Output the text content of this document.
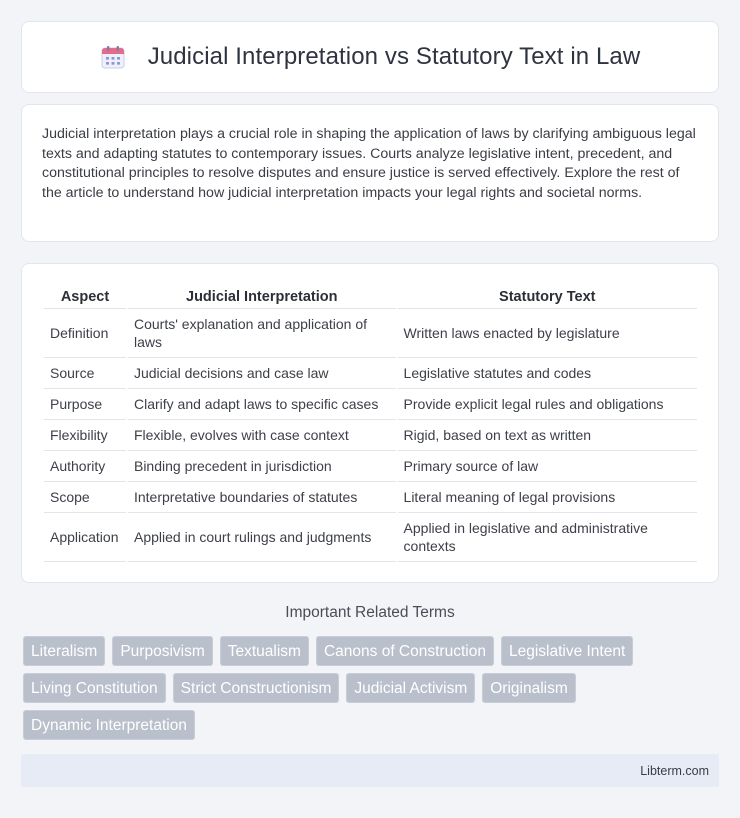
Judicial Interpretation vs Statutory Text in Law

Judicial interpretation plays a crucial role in shaping the application of laws by clarifying ambiguous legal texts and adapting statutes to contemporary issues. Courts analyze legislative intent, precedent, and constitutional principles to resolve disputes and ensure justice is served effectively. Explore the rest of the article to understand how judicial interpretation impacts your legal rights and societal norms.

Aspect	Judicial Interpretation	Statutory Text
Definition	Courts' explanation and application of laws	Written laws enacted by legislature
Source	Judicial decisions and case law	Legislative statutes and codes
Purpose	Clarify and adapt laws to specific cases	Provide explicit legal rules and obligations
Flexibility	Flexible, evolves with case context	Rigid, based on text as written
Authority	Binding precedent in jurisdiction	Primary source of law
Scope	Interpretative boundaries of statutes	Literal meaning of legal provisions
Application	Applied in court rulings and judgments	Applied in legislative and administrative contexts
Important Related Terms
Literalism	Purposivism	Textualism	Canons of Construction	Legislative Intent
Living Constitution	Strict Constructionism	Judicial Activism	Originalism
Dynamic Interpretation
Libterm.com
